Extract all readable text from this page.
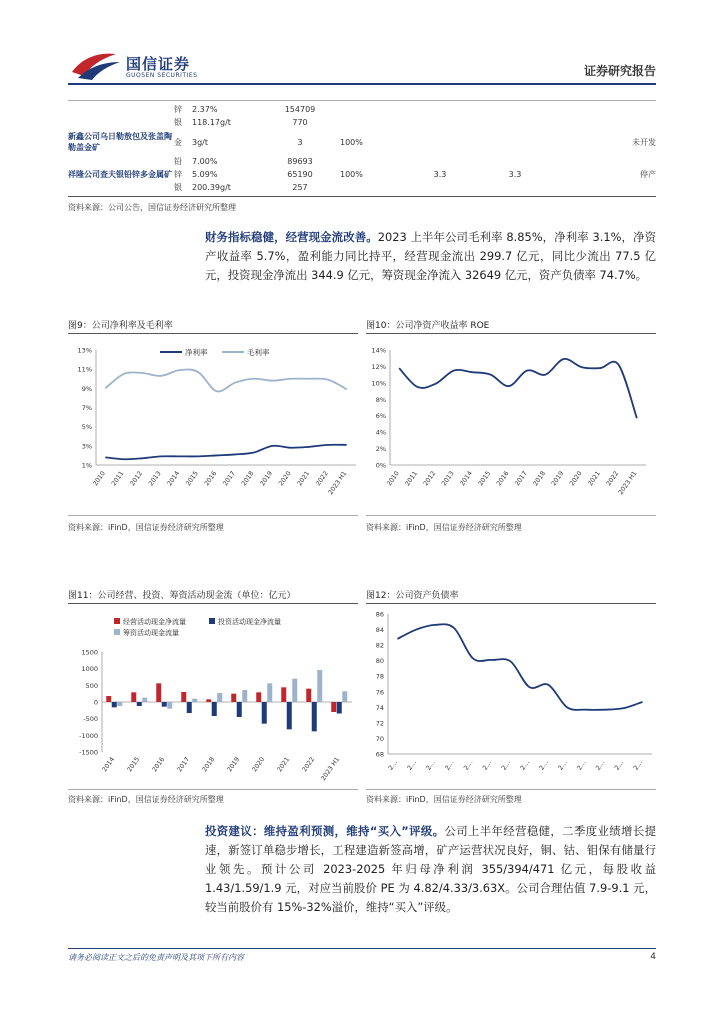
国信证券
GUOSEN SECURITIES	证券研究报告
	锌	2.37%	154709				
	银	118.17g/t	770				
新鑫公司乌日勒敖包及张盖陶勒盖金矿	金	3g/t	3	100%			未开发
祥隆公司查夫银铅锌多金属矿	铅	7.00%	89693				
	锌	5.09%	65190	100%	3.3	3.3	停产
	银	200.39g/t	257				
资料来源：公司公告，国信证券经济研究所整理
财务指标稳健，经营现金流改善。2023 上半年公司毛利率 8.85%，净利率 3.1%，净资产收益率 5.7%，盈利能力同比持平，经营现金流出 299.7 亿元，同比少流出 77.5 亿元，投资现金净流出 344.9 亿元，筹资现金净流入 32649 亿元，资产负债率 74.7%。
图9：公司净利率及毛利率	图10：公司净资产收益率 ROE
1%
3%
5%
7%
9%
11%
13%
2010 2011 2012 2013 2014 2015 2016 2017 2018 2019 2020 2021 2022
2023 H1
净利率	毛利率
0%
2%
4%
6%
8%
10%
12%
14%
2010 2011 2012 2013 2014 2015 2016 2017 2018 2019 2020 2021 2022
2023 H1
资料来源：iFinD，国信证券经济研究所整理	资料来源：iFinD，国信证券经济研究所整理
图11：公司经营、投资、筹资活动现金流（单位：亿元）	图12：公司资产负债率
-1500
-1000
-500
0
500
1000
1500
2014 2015 2016 2017 2018 2019 2020 2021 2022 2023 H1
经营活动现金净流量	投资活动现金净流量
筹资活动现金流量
68
70
72
74
76
78
80
82
84
86
2… 2… 2… 2… 2… 2… 2… 2… 2… 2… 2… 2… 2… 2…
资料来源：iFinD，国信证券经济研究所整理	资料来源：iFinD，国信证券经济研究所整理
投资建议：维持盈利预测，维持“买入”评级。公司上半年经营稳健，二季度业绩增长提速，新签订单稳步增长，工程建造新签高增，矿产运营状况良好，铜、钴、钼保有储量行业领先。预计公司 2023-2025 年归母净利润 355/394/471 亿元，每股收益 1.43/1.59/1.9 元，对应当前股价 PE 为 4.82/4.33/3.63X。公司合理估值 7.9-9.1 元，较当前股价有 15%-32%溢价，维持“买入”评级。
请务必阅读正文之后的免责声明及其项下所有内容	4
